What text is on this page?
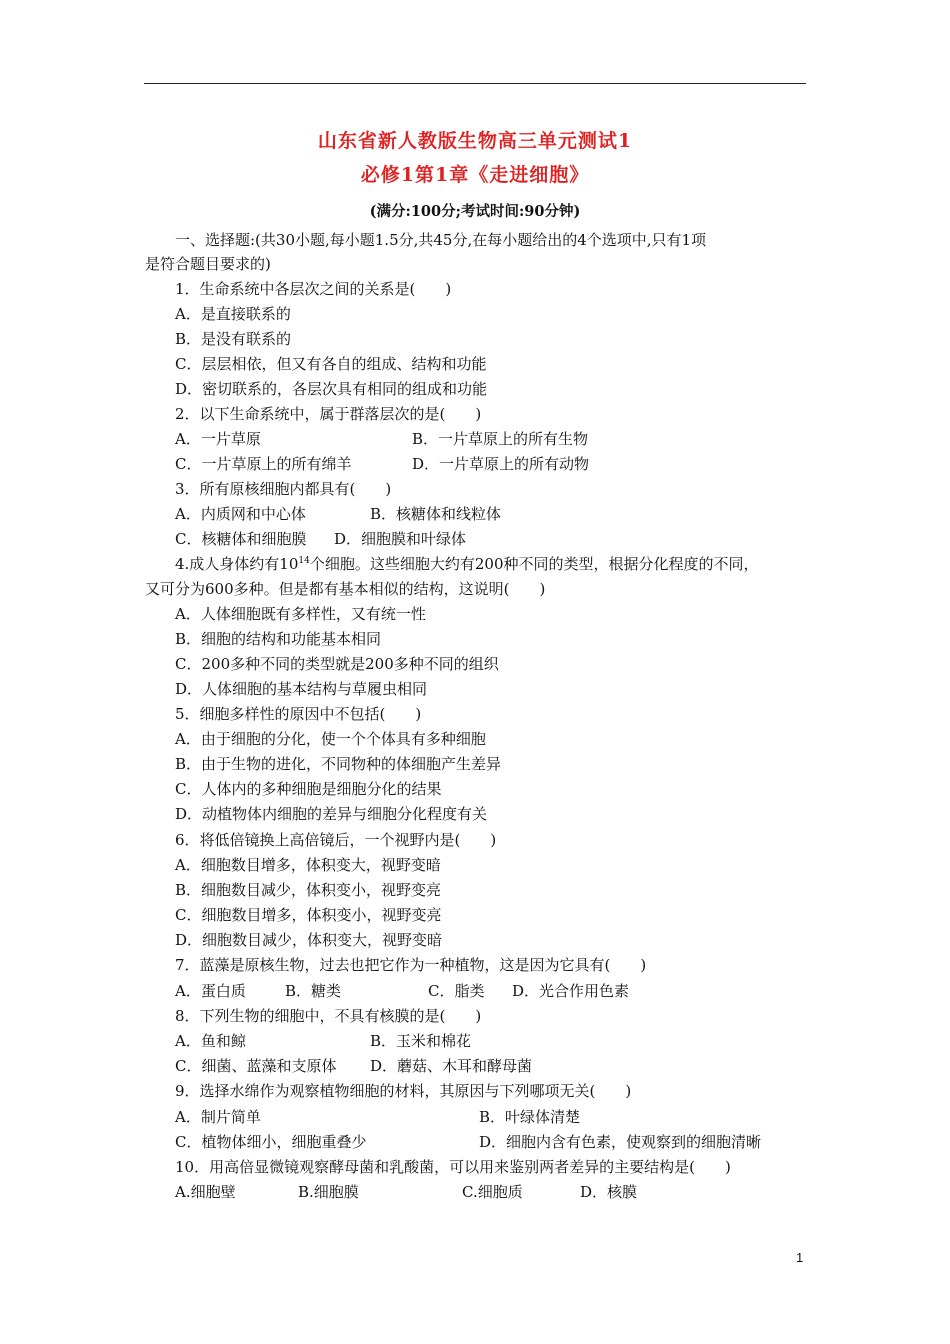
山东省新人教版生物高三单元测试1
必修1第1章《走进细胞》
(满分:100分;考试时间:90分钟)
一、选择题:(共30小题,每小题1.5分,共45分,在每小题给出的4个选项中,只有1项
是符合题目要求的)
1．生命系统中各层次之间的关系是(　　)
A．是直接联系的
B．是没有联系的
C．层层相依，但又有各自的组成、结构和功能
D．密切联系的，各层次具有相同的组成和功能
2．以下生命系统中，属于群落层次的是(　　)
A．一片草原	B．一片草原上的所有生物
C．一片草原上的所有绵羊	D．一片草原上的所有动物
3．所有原核细胞内都具有(　　)
A．内质网和中心体	B．核糖体和线粒体
C．核糖体和细胞膜 D．细胞膜和叶绿体
4.成人身体约有$10^{14}$个细胞。这些细胞大约有200种不同的类型，根据分化程度的不同，
又可分为600多种。但是都有基本相似的结构，这说明(　　)
A．人体细胞既有多样性，又有统一性
B．细胞的结构和功能基本相同
C．200多种不同的类型就是200多种不同的组织
D．人体细胞的基本结构与草履虫相同
5．细胞多样性的原因中不包括(　　)
A．由于细胞的分化，使一个个体具有多种细胞
B．由于生物的进化，不同物种的体细胞产生差异
C．人体内的多种细胞是细胞分化的结果
D．动植物体内细胞的差异与细胞分化程度有关
6．将低倍镜换上高倍镜后，一个视野内是(　　)
A．细胞数目增多，体积变大，视野变暗
B．细胞数目减少，体积变小，视野变亮
C．细胞数目增多，体积变小，视野变亮
D．细胞数目减少，体积变大，视野变暗
7．蓝藻是原核生物，过去也把它作为一种植物，这是因为它具有(　　)
A．蛋白质	B．糖类	C．脂类 D．光合作用色素
8．下列生物的细胞中，不具有核膜的是(　　)
A．鱼和鲸	B．玉米和棉花
C．细菌、蓝藻和支原体 D．蘑菇、木耳和酵母菌
9．选择水绵作为观察植物细胞的材料，其原因与下列哪项无关(　　)
A．制片简单	B．叶绿体清楚
C．植物体细小，细胞重叠少	D．细胞内含有色素，使观察到的细胞清晰
10．用高倍显微镜观察酵母菌和乳酸菌，可以用来鉴别两者差异的主要结构是(　　)
A.细胞壁	B.细胞膜	C.细胞质	D．核膜
1
